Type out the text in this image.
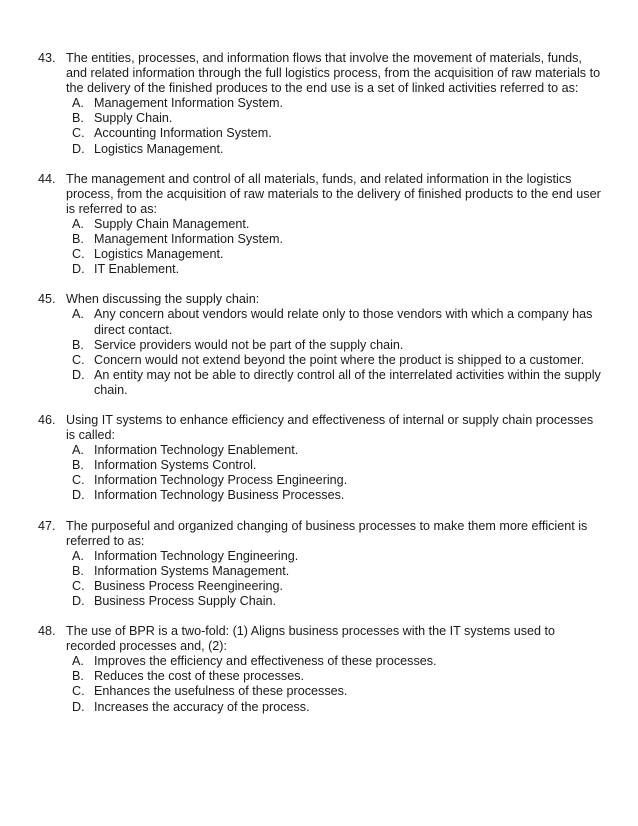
43. The entities, processes, and information flows that involve the movement of materials, funds, and related information through the full logistics process, from the acquisition of raw materials to the delivery of the finished produces to the end use is a set of linked activities referred to as:
A. Management Information System.
B. Supply Chain.
C. Accounting Information System.
D. Logistics Management.
44. The management and control of all materials, funds, and related information in the logistics process, from the acquisition of raw materials to the delivery of finished products to the end user is referred to as:
A. Supply Chain Management.
B. Management Information System.
C. Logistics Management.
D. IT Enablement.
45. When discussing the supply chain:
A. Any concern about vendors would relate only to those vendors with which a company has direct contact.
B. Service providers would not be part of the supply chain.
C. Concern would not extend beyond the point where the product is shipped to a customer.
D. An entity may not be able to directly control all of the interrelated activities within the supply chain.
46. Using IT systems to enhance efficiency and effectiveness of internal or supply chain processes is called:
A. Information Technology Enablement.
B. Information Systems Control.
C. Information Technology Process Engineering.
D. Information Technology Business Processes.
47. The purposeful and organized changing of business processes to make them more efficient is referred to as:
A. Information Technology Engineering.
B. Information Systems Management.
C. Business Process Reengineering.
D. Business Process Supply Chain.
48. The use of BPR is a two-fold: (1) Aligns business processes with the IT systems used to recorded processes and, (2):
A. Improves the efficiency and effectiveness of these processes.
B. Reduces the cost of these processes.
C. Enhances the usefulness of these processes.
D. Increases the accuracy of the process.
